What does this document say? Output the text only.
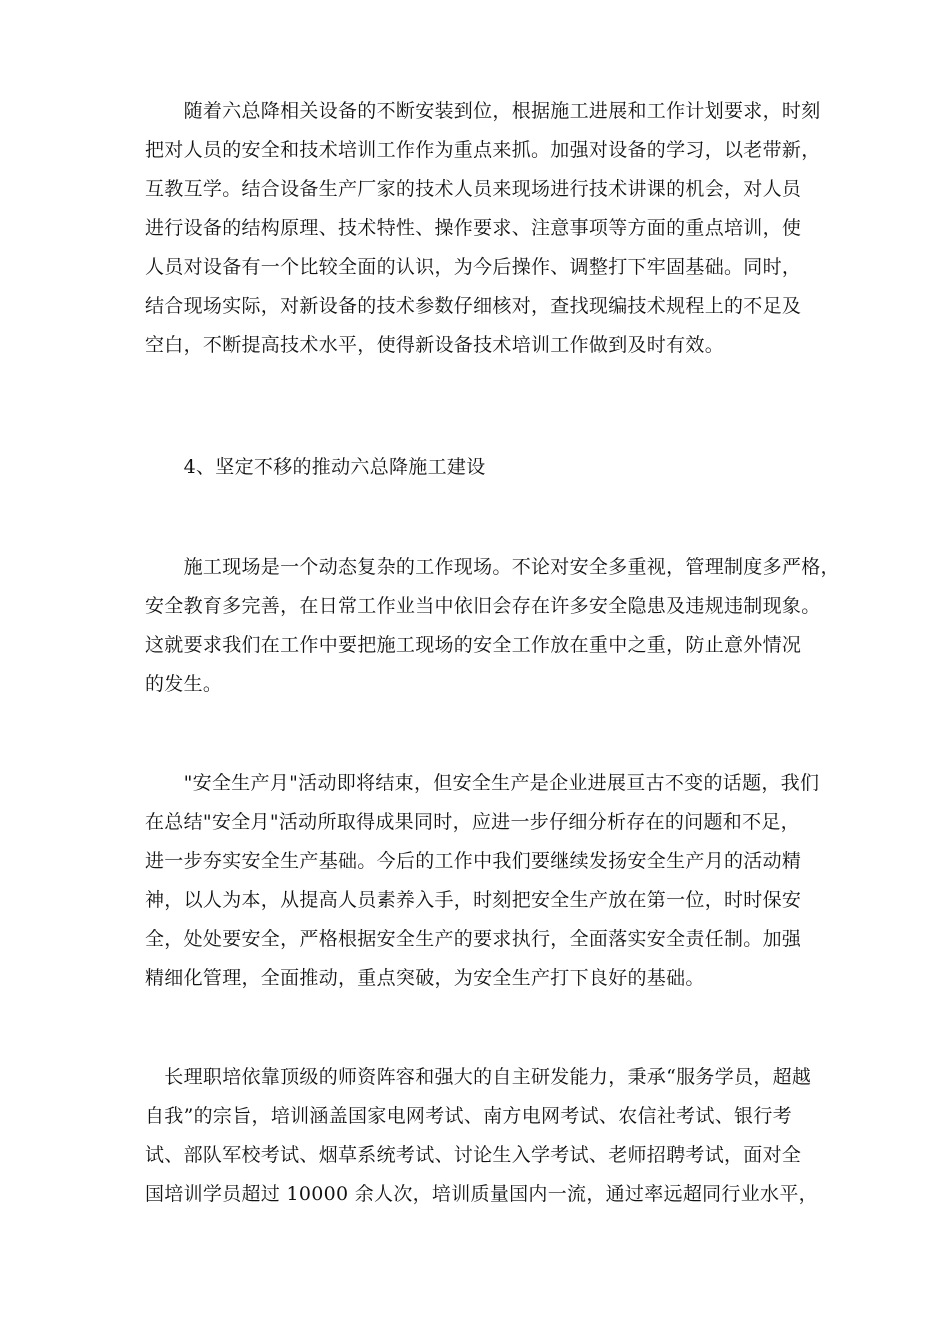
　　随着六总降相关设备的不断安装到位，根据施工进展和工作计划要求，时刻
把对人员的安全和技术培训工作作为重点来抓。加强对设备的学习，以老带新，
互教互学。结合设备生产厂家的技术人员来现场进行技术讲课的机会，对人员
进行设备的结构原理、技术特性、操作要求、注意事项等方面的重点培训，使
人员对设备有一个比较全面的认识，为今后操作、调整打下牢固基础。同时，
结合现场实际，对新设备的技术参数仔细核对，查找现编技术规程上的不足及
空白，不断提高技术水平，使得新设备技术培训工作做到及时有效。
　　4、坚定不移的推动六总降施工建设
　　施工现场是一个动态复杂的工作现场。不论对安全多重视，管理制度多严格，
安全教育多完善，在日常工作业当中依旧会存在许多安全隐患及违规违制现象。
这就要求我们在工作中要把施工现场的安全工作放在重中之重，防止意外情况
的发生。
　　"安全生产月"活动即将结束，但安全生产是企业进展亘古不变的话题，我们
在总结"安全月"活动所取得成果同时，应进一步仔细分析存在的问题和不足，
进一步夯实安全生产基础。今后的工作中我们要继续发扬安全生产月的活动精
神，以人为本，从提高人员素养入手，时刻把安全生产放在第一位，时时保安
全，处处要安全，严格根据安全生产的要求执行，全面落实安全责任制。加强
精细化管理，全面推动，重点突破，为安全生产打下良好的基础。
　长理职培依靠顶级的师资阵容和强大的自主研发能力，秉承“服务学员，超越
自我”的宗旨，培训涵盖国家电网考试、南方电网考试、农信社考试、银行考
试、部队军校考试、烟草系统考试、讨论生入学考试、老师招聘考试，面对全
国培训学员超过 10000 余人次，培训质量国内一流，通过率远超同行业水平，
